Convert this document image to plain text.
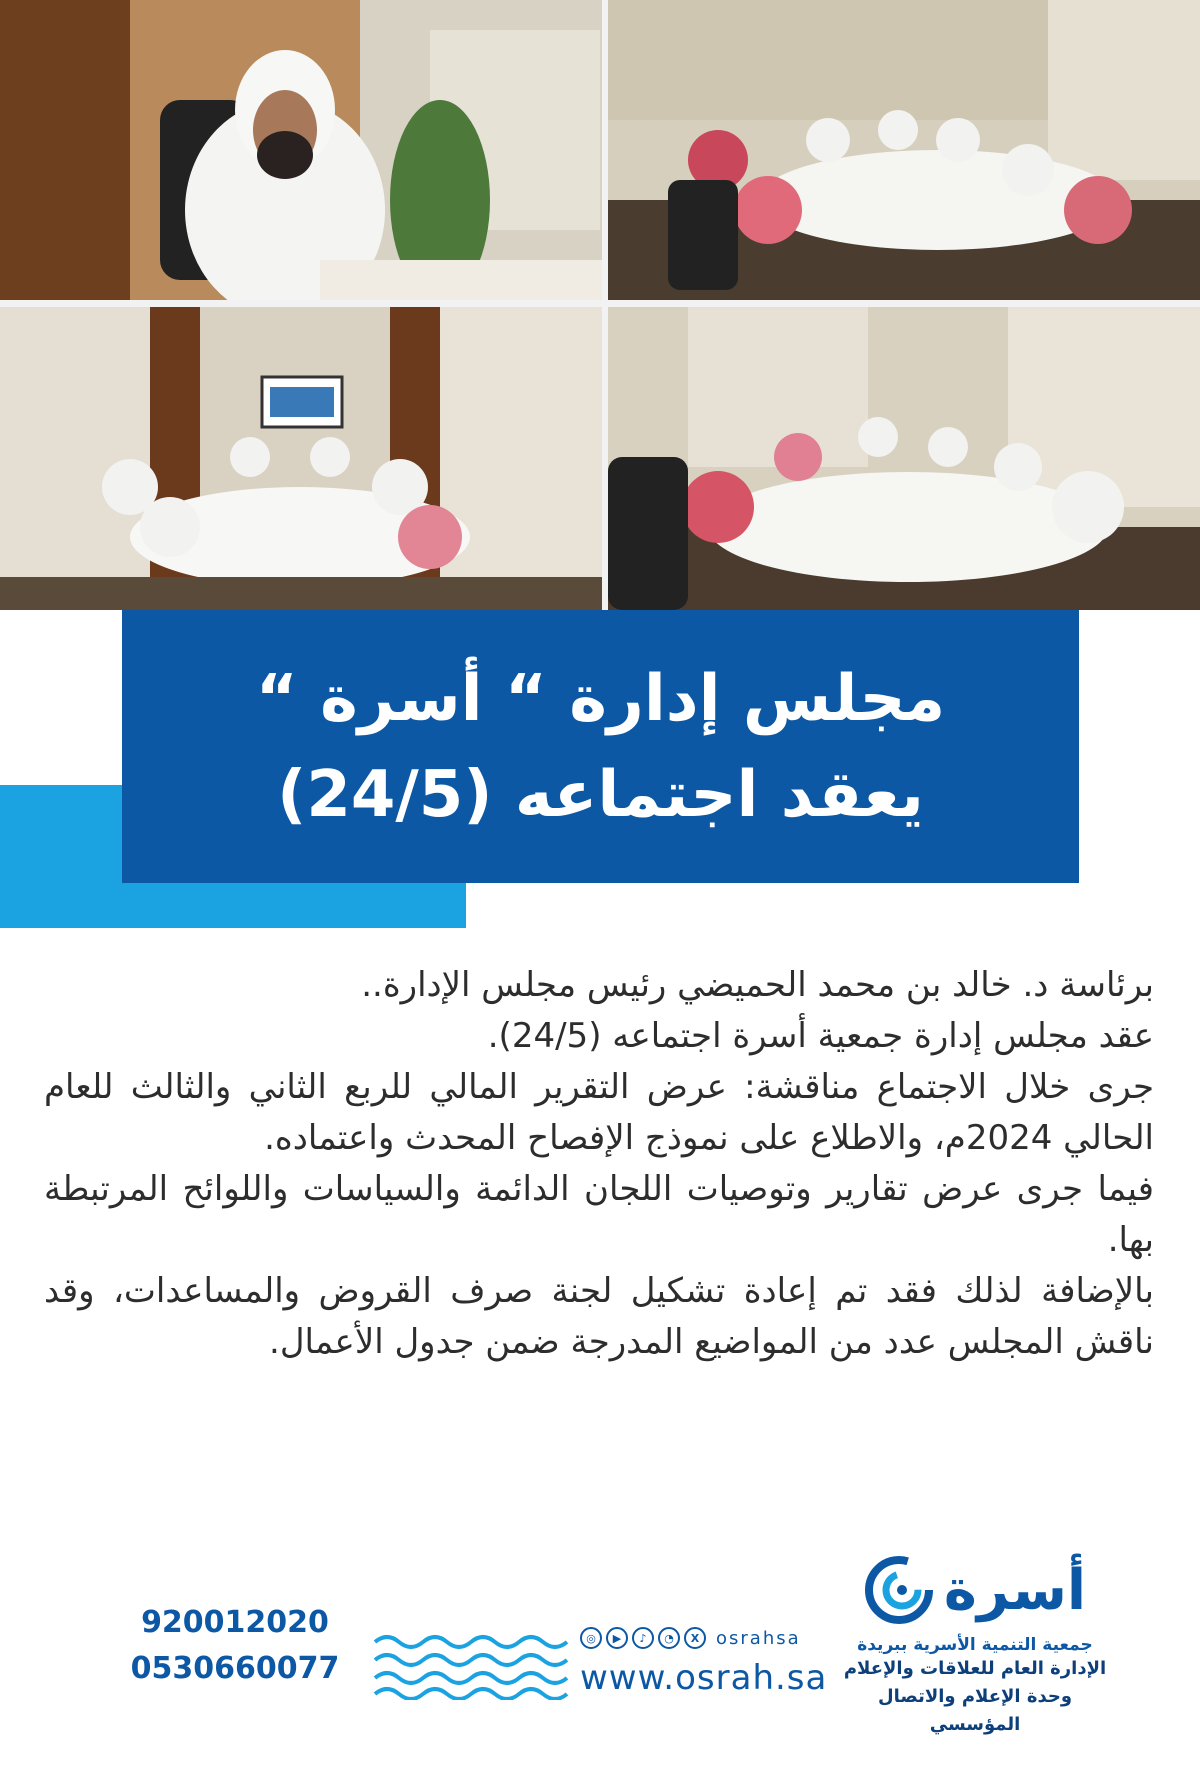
مجلس إدارة “ أسرة “
يعقد اجتماعه (24/5)

برئاسة د. خالد بن محمد الحميضي رئيس مجلس الإدارة..

عقد مجلس إدارة جمعية أسرة اجتماعه (24/5).

جرى خلال الاجتماع مناقشة: عرض التقرير المالي للربع الثاني والثالث للعام الحالي 2024م، والاطلاع على نموذج الإفصاح المحدث واعتماده.

فيما جرى عرض تقارير وتوصيات اللجان الدائمة والسياسات واللوائح المرتبطة بها.

بالإضافة لذلك فقد تم إعادة تشكيل لجنة صرف القروض والمساعدات، وقد ناقش المجلس عدد من المواضيع المدرجة ضمن جدول الأعمال.

920012020
0530660077
◎	▶	♪	◔	X osrahsa
www.osrah.sa
أسرة
جمعية التنمية الأسرية ببريدة
الإدارة العام للعلاقات والإعلام
وحدة الإعلام والاتصال المؤسسي
